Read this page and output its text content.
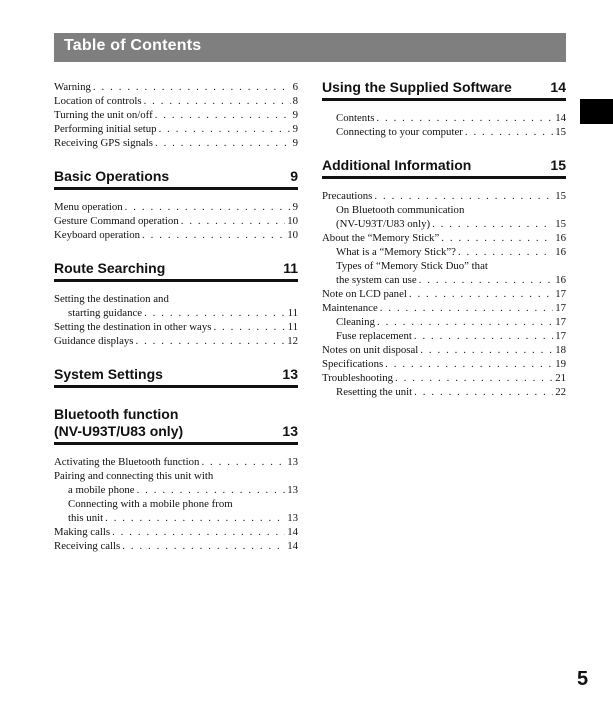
Table of Contents
Warning . . .	6
Location of controls . . .	8
Turning the unit on/off . . .	9
Performing initial setup . . .	9
Receiving GPS signals . . .	9
Basic Operations	9
Menu operation . . .	9
Gesture Command operation . . .	10
Keyboard operation . . .	10
Route Searching	11
Setting the destination and
starting guidance . . .	11
Setting the destination in other ways . . .	11
Guidance displays . . .	12
System Settings	13
Bluetooth function
(NV-U93T/U83 only)	13
Activating the Bluetooth function . . .	13
Pairing and connecting this unit with
a mobile phone . . .	13
Connecting with a mobile phone from
this unit . . .	13
Making calls . . .	14
Receiving calls . . .	14
Using the Supplied Software	14
Contents . . .	14
Connecting to your computer . . .	15
Additional Information	15
Precautions . . .	15
On Bluetooth communication
(NV-U93T/U83 only) . . .	15
About the “Memory Stick” . . .	16
What is a “Memory Stick”? . . .	16
Types of “Memory Stick Duo” that
the system can use . . .	16
Note on LCD panel . . .	17
Maintenance . . .	17
Cleaning . . .	17
Fuse replacement . . .	17
Notes on unit disposal . . .	18
Specifications . . .	19
Troubleshooting . . .	21
Resetting the unit . . .	22
5
